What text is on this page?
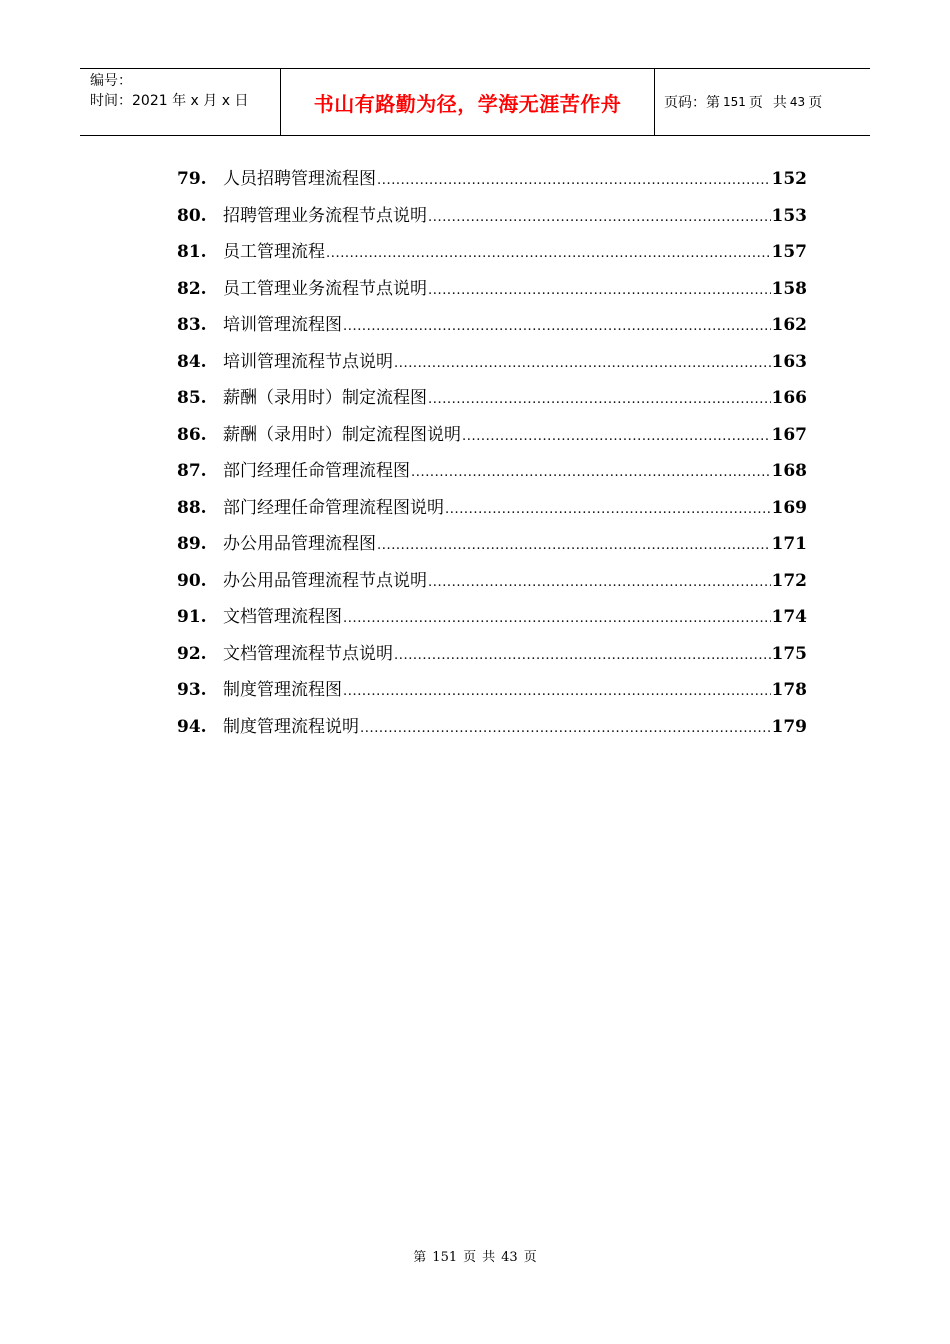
编号：
时间：2021 年 x 月 x 日	书山有路勤为径，学海无涯苦作舟	页码：第 151 页 共 43 页
79. 人员招聘管理流程图 .....	152
80. 招聘管理业务流程节点说明 .....	153
81. 员工管理流程 .....	157
82. 员工管理业务流程节点说明 .....	158
83. 培训管理流程图 .....	162
84. 培训管理流程节点说明 .....	163
85. 薪酬（录用时）制定流程图 .....	166
86. 薪酬（录用时）制定流程图说明 .....	167
87. 部门经理任命管理流程图 .....	168
88. 部门经理任命管理流程图说明 .....	169
89. 办公用品管理流程图 .....	171
90. 办公用品管理流程节点说明 .....	172
91. 文档管理流程图 .....	174
92. 文档管理流程节点说明 .....	175
93. 制度管理流程图 .....	178
94. 制度管理流程说明 .....	179
第 151 页 共 43 页
